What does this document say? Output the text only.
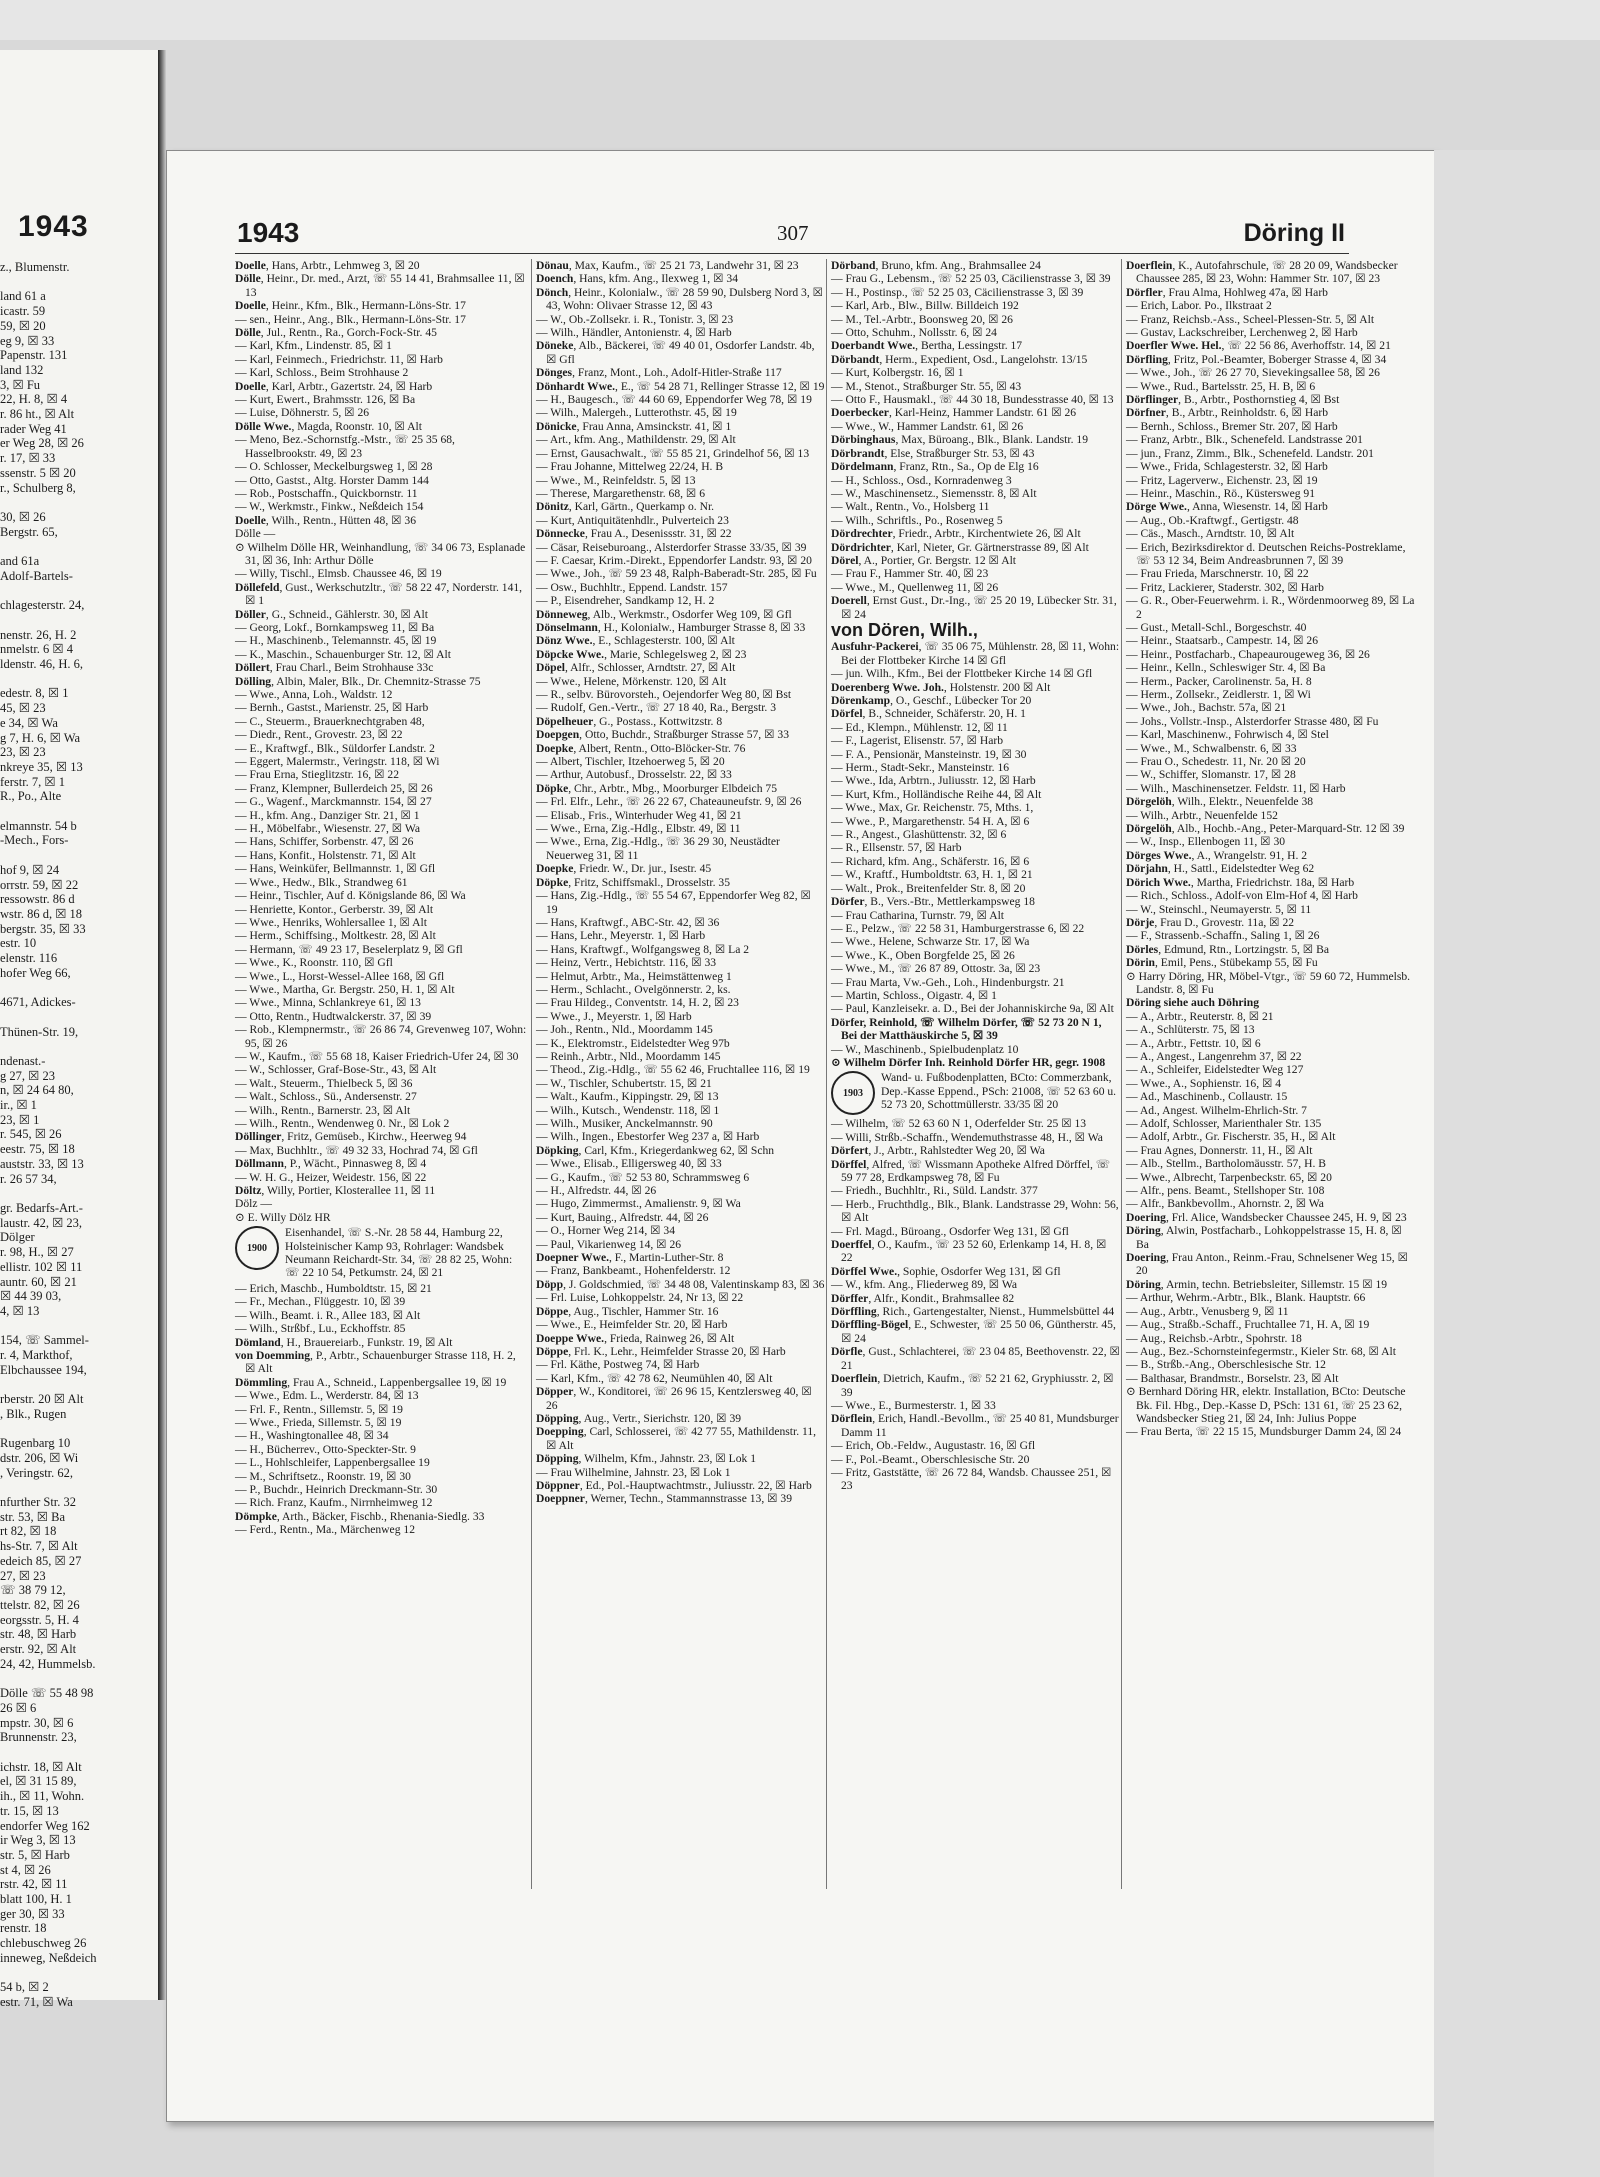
1943
z., Blumenstr.

land 61 a
icastr. 59
59, ☒ 20
eg 9, ☒ 33
Papenstr. 131
land 132
3, ☒ Fu
22, H. 8, ☒ 4
r. 86 ht., ☒ Alt
rader Weg 41
er Weg 28, ☒ 26
r. 17, ☒ 33
ssenstr. 5 ☒ 20
r., Schulberg 8,

30, ☒ 26
Bergstr. 65,

and 61a
Adolf-Bartels-

chlagesterstr. 24,

nenstr. 26, H. 2
nmelstr. 6 ☒ 4
ldenstr. 46, H. 6,

edestr. 8, ☒ 1
45, ☒ 23
e 34, ☒ Wa
g 7, H. 6, ☒ Wa
23, ☒ 23
nkreye 35, ☒ 13
ferstr. 7, ☒ 1
R., Po., Alte

elmannstr. 54 b
-Mech., Fors-

hof 9, ☒ 24
orrstr. 59, ☒ 22
ressowstr. 86 d
wstr. 86 d, ☒ 18
bergstr. 35, ☒ 33
estr. 10
elenstr. 116
hofer Weg 66,

4671, Adickes-

Thünen-Str. 19,

ndenast.-
g 27, ☒ 23
n, ☒ 24 64 80,
ir., ☒ 1
23, ☒ 1
r. 545, ☒ 26
eestr. 75, ☒ 18
auststr. 33, ☒ 13
r. 26 57 34,

gr. Bedarfs-Art.-
laustr. 42, ☒ 23,
Dölger
r. 98, H., ☒ 27
ellistr. 102 ☒ 11
auntr. 60, ☒ 21
☒ 44 39 03,
4, ☒ 13

154, ☏ Sammel-
r. 4, Markthof,
Elbchaussee 194,

rberstr. 20 ☒ Alt
, Blk., Rugen

Rugenbarg 10
dstr. 206, ☒ Wi
, Veringstr. 62,

nfurther Str. 32
str. 53, ☒ Ba
rt 82, ☒ 18
hs-Str. 7, ☒ Alt
edeich 85, ☒ 27
27, ☒ 23
☏ 38 79 12,
ttelstr. 82, ☒ 26
eorgsstr. 5, H. 4
str. 48, ☒ Harb
erstr. 92, ☒ Alt
24, 42, Hummelsb.

Dölle ☏ 55 48 98
26 ☒ 6
mpstr. 30, ☒ 6
Brunnenstr. 23,

ichstr. 18, ☒ Alt
el, ☒ 31 15 89,
ih., ☒ 11, Wohn.
tr. 15, ☒ 13
endorfer Weg 162
ir Weg 3, ☒ 13
str. 5, ☒ Harb
st 4, ☒ 26
rstr. 42, ☒ 11
blatt 100, H. 1
ger 30, ☒ 33
renstr. 18
chlebuschweg 26
inneweg, Neßdeich

54 b, ☒ 2
estr. 71, ☒ Wa
1943	307	Döring II
Doelle, Hans, Arbtr., Lehmweg 3, ☒ 20
Dölle, Heinr., Dr. med., Arzt, ☏ 55 14 41, Brahmsallee 11, ☒ 13
Doelle, Heinr., Kfm., Blk., Hermann-Löns-Str. 17
— sen., Heinr., Ang., Blk., Hermann-Löns-Str. 17
Dölle, Jul., Rentn., Ra., Gorch-Fock-Str. 45
— Karl, Kfm., Lindenstr. 85, ☒ 1
— Karl, Feinmech., Friedrichstr. 11, ☒ Harb
— Karl, Schloss., Beim Strohhause 2
Doelle, Karl, Arbtr., Gazertstr. 24, ☒ Harb
— Kurt, Ewert., Brahmsstr. 126, ☒ Ba
— Luise, Döhnerstr. 5, ☒ 26
Dölle Wwe., Magda, Roonstr. 10, ☒ Alt
— Meno, Bez.-Schornstfg.-Mstr., ☏ 25 35 68, Hasselbrookstr. 49, ☒ 23
— O. Schlosser, Meckelburgsweg 1, ☒ 28
— Otto, Gastst., Altg. Horster Damm 144
— Rob., Postschaffn., Quickbornstr. 11
— W., Werkmstr., Finkw., Neßdeich 154
Doelle, Wilh., Rentn., Hütten 48, ☒ 36
Dölle —
⊙ Wilhelm Dölle HR, Weinhandlung, ☏ 34 06 73, Esplanade 31, ☒ 36, Inh: Arthur Dölle
— Willy, Tischl., Elmsb. Chaussee 46, ☒ 19
Döllefeld, Gust., Werkschutzltr., ☏ 58 22 47, Norderstr. 141, ☒ 1
Döller, G., Schneid., Gählerstr. 30, ☒ Alt
— Georg, Lokf., Bornkampsweg 11, ☒ Ba
— H., Maschinenb., Telemannstr. 45, ☒ 19
— K., Maschin., Schauenburger Str. 12, ☒ Alt
Döllert, Frau Charl., Beim Strohhause 33c
Dölling, Albin, Maler, Blk., Dr. Chemnitz-Strasse 75
— Wwe., Anna, Loh., Waldstr. 12
— Bernh., Gastst., Marienstr. 25, ☒ Harb
— C., Steuerm., Brauerknechtgraben 48,
— Diedr., Rent., Grovestr. 23, ☒ 22
— E., Kraftwgf., Blk., Süldorfer Landstr. 2
— Eggert, Malermstr., Veringstr. 118, ☒ Wi
— Frau Erna, Stieglitzstr. 16, ☒ 22
— Franz, Klempner, Bullerdeich 25, ☒ 26
— G., Wagenf., Marckmannstr. 154, ☒ 27
— H., kfm. Ang., Danziger Str. 21, ☒ 1
— H., Möbelfabr., Wiesenstr. 27, ☒ Wa
— Hans, Schiffer, Sorbenstr. 47, ☒ 26
— Hans, Konfit., Holstenstr. 71, ☒ Alt
— Hans, Weinküfer, Bellmannstr. 1, ☒ Gfl
— Wwe., Hedw., Blk., Strandweg 61
— Heinr., Tischler, Auf d. Königslande 86, ☒ Wa
— Henriette, Kontor., Gerberstr. 39, ☒ Alt
— Wwe., Henriks, Wohlersallee 1, ☒ Alt
— Herm., Schiffsing., Moltkestr. 28, ☒ Alt
— Hermann, ☏ 49 23 17, Beselerplatz 9, ☒ Gfl
— Wwe., K., Roonstr. 110, ☒ Gfl
— Wwe., L., Horst-Wessel-Allee 168, ☒ Gfl
— Wwe., Martha, Gr. Bergstr. 250, H. 1, ☒ Alt
— Wwe., Minna, Schlankreye 61, ☒ 13
— Otto, Rentn., Hudtwalckerstr. 37, ☒ 39
— Rob., Klempnermstr., ☏ 26 86 74, Grevenweg 107, Wohn: 95, ☒ 26
— W., Kaufm., ☏ 55 68 18, Kaiser Friedrich-Ufer 24, ☒ 30
— W., Schlosser, Graf-Bose-Str., 43, ☒ Alt
— Walt., Steuerm., Thielbeck 5, ☒ 36
— Walt., Schloss., Sü., Andersenstr. 27
— Wilh., Rentn., Barnerstr. 23, ☒ Alt
— Wilh., Rentn., Wendenweg 0. Nr., ☒ Lok 2
Döllinger, Fritz, Gemüseb., Kirchw., Heerweg 94
— Max, Buchhltr., ☏ 49 32 33, Hochrad 74, ☒ Gfl
Döllmann, P., Wächt., Pinnasweg 8, ☒ 4
— W. H. G., Heizer, Weidestr. 156, ☒ 22
Döltz, Willy, Portier, Klosterallee 11, ☒ 11
Dölz —
⊙ E. Willy Dölz HR
1900
Eisenhandel, ☏ S.-Nr. 28 58 44, Hamburg 22, Holsteinischer Kamp 93, Rohrlager: Wandsbek Neumann Reichardt-Str. 34, ☏ 28 82 25, Wohn: ☏ 22 10 54, Petkumstr. 24, ☒ 21
— Erich, Maschb., Humboldtstr. 15, ☒ 21
— Fr., Mechan., Flüggestr. 10, ☒ 39
— Wilh., Beamt. i. R., Allee 183, ☒ Alt
— Wilh., Strßbf., Lu., Eckhoffstr. 85
Dömland, H., Brauereiarb., Funkstr. 19, ☒ Alt
von Doemming, P., Arbtr., Schauenburger Strasse 118, H. 2, ☒ Alt
Dömmling, Frau A., Schneid., Lappenbergsallee 19, ☒ 19
— Wwe., Edm. L., Werderstr. 84, ☒ 13
— Frl. F., Rentn., Sillemstr. 5, ☒ 19
— Wwe., Frieda, Sillemstr. 5, ☒ 19
— H., Washingtonallee 48, ☒ 34
— H., Bücherrev., Otto-Speckter-Str. 9
— L., Hohlschleifer, Lappenbergsallee 19
— M., Schriftsetz., Roonstr. 19, ☒ 30
— P., Buchdr., Heinrich Dreckmann-Str. 30
— Rich. Franz, Kaufm., Nirrnheimweg 12
Dömpke, Arth., Bäcker, Fischb., Rhenania-Siedlg. 33
— Ferd., Rentn., Ma., Märchenweg 12
Dönau, Max, Kaufm., ☏ 25 21 73, Landwehr 31, ☒ 23
Doench, Hans, kfm. Ang., Ilexweg 1, ☒ 34
Dönch, Heinr., Kolonialw., ☏ 28 59 90, Dulsberg Nord 3, ☒ 43, Wohn: Olivaer Strasse 12, ☒ 43
— W., Ob.-Zollsekr. i. R., Tonistr. 3, ☒ 23
— Wilh., Händler, Antonienstr. 4, ☒ Harb
Döneke, Alb., Bäckerei, ☏ 49 40 01, Osdorfer Landstr. 4b, ☒ Gfl
Dönges, Franz, Mont., Loh., Adolf-Hitler-Straße 117
Dönhardt Wwe., E., ☏ 54 28 71, Rellinger Strasse 12, ☒ 19
— H., Baugesch., ☏ 44 60 69, Eppendorfer Weg 78, ☒ 19
— Wilh., Malergeh., Lutterothstr. 45, ☒ 19
Dönicke, Frau Anna, Amsinckstr. 41, ☒ 1
— Art., kfm. Ang., Mathildenstr. 29, ☒ Alt
— Ernst, Gausachwalt., ☏ 55 85 21, Grindelhof 56, ☒ 13
— Frau Johanne, Mittelweg 22/24, H. B
— Wwe., M., Reinfeldstr. 5, ☒ 13
— Therese, Margarethenstr. 68, ☒ 6
Dönitz, Karl, Gärtn., Querkamp o. Nr.
— Kurt, Antiquitätenhdlr., Pulverteich 23
Dönnecke, Frau A., Desenissstr. 31, ☒ 22
— Cäsar, Reiseburoang., Alsterdorfer Strasse 33/35, ☒ 39
— F. Caesar, Krim.-Direkt., Eppendorfer Landstr. 93, ☒ 20
— Wwe., Joh., ☏ 59 23 48, Ralph-Baberadt-Str. 285, ☒ Fu
— Osw., Buchhltr., Eppend. Landstr. 157
— P., Eisendreher, Sandkamp 12, H. 2
Dönneweg, Alb., Werkmstr., Osdorfer Weg 109, ☒ Gfl
Dönselmann, H., Kolonialw., Hamburger Strasse 8, ☒ 33
Dönz Wwe., E., Schlagesterstr. 100, ☒ Alt
Döpcke Wwe., Marie, Schlegelsweg 2, ☒ 23
Döpel, Alfr., Schlosser, Arndtstr. 27, ☒ Alt
— Wwe., Helene, Mörkenstr. 120, ☒ Alt
— R., selbv. Bürovorsteh., Oejendorfer Weg 80, ☒ Bst
— Rudolf, Gen.-Vertr., ☏ 27 18 40, Ra., Bergstr. 3
Döpelheuer, G., Postass., Kottwitzstr. 8
Doepgen, Otto, Buchdr., Straßburger Strasse 57, ☒ 33
Doepke, Albert, Rentn., Otto-Blöcker-Str. 76
— Albert, Tischler, Itzehoerweg 5, ☒ 20
— Arthur, Autobusf., Drosselstr. 22, ☒ 33
Döpke, Chr., Arbtr., Mbg., Moorburger Elbdeich 75
— Frl. Elfr., Lehr., ☏ 26 22 67, Chateauneufstr. 9, ☒ 26
— Elisab., Fris., Winterhuder Weg 41, ☒ 21
— Wwe., Erna, Zig.-Hdlg., Elbstr. 49, ☒ 11
— Wwe., Erna, Zig.-Hdlg., ☏ 36 29 30, Neustädter Neuerweg 31, ☒ 11
Doepke, Friedr. W., Dr. jur., Isestr. 45
Döpke, Fritz, Schiffsmakl., Drosselstr. 35
— Hans, Zig.-Hdlg., ☏ 55 54 67, Eppendorfer Weg 82, ☒ 19
— Hans, Kraftwgf., ABC-Str. 42, ☒ 36
— Hans, Lehr., Meyerstr. 1, ☒ Harb
— Hans, Kraftwgf., Wolfgangsweg 8, ☒ La 2
— Heinz, Vertr., Hebichtstr. 116, ☒ 33
— Helmut, Arbtr., Ma., Heimstättenweg 1
— Herm., Schlacht., Ovelgönnerstr. 2, ks.
— Frau Hildeg., Conventstr. 14, H. 2, ☒ 23
— Wwe., J., Meyerstr. 1, ☒ Harb
— Joh., Rentn., Nld., Moordamm 145
— K., Elektromstr., Eidelstedter Weg 97b
— Reinh., Arbtr., Nld., Moordamm 145
— Theod., Zig.-Hdlg., ☏ 55 62 46, Fruchtallee 116, ☒ 19
— W., Tischler, Schubertstr. 15, ☒ 21
— Walt., Kaufm., Kippingstr. 29, ☒ 13
— Wilh., Kutsch., Wendenstr. 118, ☒ 1
— Wilh., Musiker, Anckelmannstr. 90
— Wilh., Ingen., Ebestorfer Weg 237 a, ☒ Harb
Döpking, Carl, Kfm., Kriegerdankweg 62, ☒ Schn
— Wwe., Elisab., Elligersweg 40, ☒ 33
— G., Kaufm., ☏ 52 53 80, Schrammsweg 6
— H., Alfredstr. 44, ☒ 26
— Hugo, Zimmermst., Amalienstr. 9, ☒ Wa
— Kurt, Bauing., Alfredstr. 44, ☒ 26
— O., Horner Weg 214, ☒ 34
— Paul, Vikarienweg 14, ☒ 26
Doepner Wwe., F., Martin-Luther-Str. 8
— Franz, Bankbeamt., Hohenfelderstr. 12
Döpp, J. Goldschmied, ☏ 34 48 08, Valentinskamp 83, ☒ 36
— Frl. Luise, Lohkoppelstr. 24, Nr 13, ☒ 22
Döppe, Aug., Tischler, Hammer Str. 16
— Wwe., E., Heimfelder Str. 20, ☒ Harb
Doeppe Wwe., Frieda, Rainweg 26, ☒ Alt
Döppe, Frl. K., Lehr., Heimfelder Strasse 20, ☒ Harb
— Frl. Käthe, Postweg 74, ☒ Harb
— Karl, Kfm., ☏ 42 78 62, Neumühlen 40, ☒ Alt
Döpper, W., Konditorei, ☏ 26 96 15, Kentzlersweg 40, ☒ 26
Döpping, Aug., Vertr., Sierichstr. 120, ☒ 39
Doepping, Carl, Schlosserei, ☏ 42 77 55, Mathildenstr. 11, ☒ Alt
Döpping, Wilhelm, Kfm., Jahnstr. 23, ☒ Lok 1
— Frau Wilhelmine, Jahnstr. 23, ☒ Lok 1
Döppner, Ed., Pol.-Hauptwachtmstr., Juliusstr. 22, ☒ Harb
Doeppner, Werner, Techn., Stammannstrasse 13, ☒ 39
Dörband, Bruno, kfm. Ang., Brahmsallee 24
— Frau G., Lebensm., ☏ 52 25 03, Cäcilienstrasse 3, ☒ 39
— H., Postinsp., ☏ 52 25 03, Cäcilienstrasse 3, ☒ 39
— Karl, Arb., Blw., Billw. Billdeich 192
— M., Tel.-Arbtr., Boonsweg 20, ☒ 26
— Otto, Schuhm., Nollsstr. 6, ☒ 24
Doerbandt Wwe., Bertha, Lessingstr. 17
Dörbandt, Herm., Expedient, Osd., Langelohstr. 13/15
— Kurt, Kolbergstr. 16, ☒ 1
— M., Stenot., Straßburger Str. 55, ☒ 43
— Otto F., Hausmakl., ☏ 44 30 18, Bundesstrasse 40, ☒ 13
Doerbecker, Karl-Heinz, Hammer Landstr. 61 ☒ 26
— Wwe., W., Hammer Landstr. 61, ☒ 26
Dörbinghaus, Max, Büroang., Blk., Blank. Landstr. 19
Dörbrandt, Else, Straßburger Str. 53, ☒ 43
Dördelmann, Franz, Rtn., Sa., Op de Elg 16
— H., Schloss., Osd., Kornradenweg 3
— W., Maschinensetz., Siemensstr. 8, ☒ Alt
— Walt., Rentn., Vo., Holsberg 11
— Wilh., Schriftls., Po., Rosenweg 5
Dördrechter, Friedr., Arbtr., Kirchentwiete 26, ☒ Alt
Dördrichter, Karl, Nieter, Gr. Gärtnerstrasse 89, ☒ Alt
Dörel, A., Portier, Gr. Bergstr. 12 ☒ Alt
— Frau F., Hammer Str. 40, ☒ 23
— Wwe., M., Quellenweg 11, ☒ 26
Doerell, Ernst Gust., Dr.-Ing., ☏ 25 20 19, Lübecker Str. 31, ☒ 24
von Dören, Wilh.,
Ausfuhr-Packerei, ☏ 35 06 75, Mühlenstr. 28, ☒ 11, Wohn: Bei der Flottbeker Kirche 14 ☒ Gfl
— jun. Wilh., Kfm., Bei der Flottbeker Kirche 14 ☒ Gfl
Doerenberg Wwe. Joh., Holstenstr. 200 ☒ Alt
Dörenkamp, O., Geschf., Lübecker Tor 20
Dörfel, B., Schneider, Schäferstr. 20, H. 1
— Ed., Klempn., Mühlenstr. 12, ☒ 11
— F., Lagerist, Elisenstr. 57, ☒ Harb
— F. A., Pensionär, Mansteinstr. 19, ☒ 30
— Herm., Stadt-Sekr., Mansteinstr. 16
— Wwe., Ida, Arbtrn., Juliusstr. 12, ☒ Harb
— Kurt, Kfm., Holländische Reihe 44, ☒ Alt
— Wwe., Max, Gr. Reichenstr. 75, Mths. 1,
— Wwe., P., Margarethenstr. 54 H. A, ☒ 6
— R., Angest., Glashüttenstr. 32, ☒ 6
— R., Ellsenstr. 57, ☒ Harb
— Richard, kfm. Ang., Schäferstr. 16, ☒ 6
— W., Kraftf., Humboldtstr. 63, H. 1, ☒ 21
— Walt., Prok., Breitenfelder Str. 8, ☒ 20
Dörfer, B., Vers.-Btr., Mettlerkampsweg 18
— Frau Catharina, Turnstr. 79, ☒ Alt
— E., Pelzw., ☏ 22 58 31, Hamburgerstrasse 6, ☒ 22
— Wwe., Helene, Schwarze Str. 17, ☒ Wa
— Wwe., K., Oben Borgfelde 25, ☒ 26
— Wwe., M., ☏ 26 87 89, Ottostr. 3a, ☒ 23
— Frau Marta, Vw.-Geh., Loh., Hindenburgstr. 21
— Martin, Schloss., Oigastr. 4, ☒ 1
— Paul, Kanzleisekr. a. D., Bei der Johanniskirche 9a, ☒ Alt
Dörfer, Reinhold, ☏ Wilhelm Dörfer, ☏ 52 73 20 N 1, Bei der Matthäuskirche 5, ☒ 39
— W., Maschinenb., Spielbudenplatz 10
⊙ Wilhelm Dörfer Inh. Reinhold Dörfer HR, gegr. 1908
1903
Wand- u. Fußbodenplatten, BCto: Commerzbank, Dep.-Kasse Eppend., PSch: 21008, ☏ 52 63 60 u. 52 73 20, Schottmüllerstr. 33/35 ☒ 20
— Wilhelm, ☏ 52 63 60 N 1, Oderfelder Str. 25 ☒ 13
— Willi, Strßb.-Schaffn., Wendemuthstrasse 48, H., ☒ Wa
Dörfert, J., Arbtr., Rahlstedter Weg 20, ☒ Wa
Dörffel, Alfred, ☏ Wissmann Apotheke Alfred Dörffel, ☏ 59 77 28, Erdkampsweg 78, ☒ Fu
— Friedh., Buchhltr., Ri., Süld. Landstr. 377
— Herb., Fruchthdlg., Blk., Blank. Landstrasse 29, Wohn: 56, ☒ Alt
— Frl. Magd., Büroang., Osdorfer Weg 131, ☒ Gfl
Doerffel, O., Kaufm., ☏ 23 52 60, Erlenkamp 14, H. 8, ☒ 22
Dörffel Wwe., Sophie, Osdorfer Weg 131, ☒ Gfl
— W., kfm. Ang., Fliederweg 89, ☒ Wa
Dörffer, Alfr., Kondit., Brahmsallee 82
Dörffling, Rich., Gartengestalter, Nienst., Hummelsbüttel 44
Dörffling-Bögel, E., Schwester, ☏ 25 50 06, Güntherstr. 45, ☒ 24
Dörfle, Gust., Schlachterei, ☏ 23 04 85, Beethovenstr. 22, ☒ 21
Doerflein, Dietrich, Kaufm., ☏ 52 21 62, Gryphiusstr. 2, ☒ 39
— Wwe., E., Burmesterstr. 1, ☒ 33
Dörflein, Erich, Handl.-Bevollm., ☏ 25 40 81, Mundsburger Damm 11
— Erich, Ob.-Feldw., Augustastr. 16, ☒ Gfl
— F., Pol.-Beamt., Oberschlesische Str. 20
— Fritz, Gaststätte, ☏ 26 72 84, Wandsb. Chaussee 251, ☒ 23
Doerflein, K., Autofahrschule, ☏ 28 20 09, Wandsbecker Chaussee 285, ☒ 23, Wohn: Hammer Str. 107, ☒ 23
Dörfler, Frau Alma, Hohlweg 47a, ☒ Harb
— Erich, Labor. Po., Ilkstraat 2
— Franz, Reichsb.-Ass., Scheel-Plessen-Str. 5, ☒ Alt
— Gustav, Lackschreiber, Lerchenweg 2, ☒ Harb
Doerfler Wwe. Hel., ☏ 22 56 86, Averhoffstr. 14, ☒ 21
Dörfling, Fritz, Pol.-Beamter, Boberger Strasse 4, ☒ 34
— Wwe., Joh., ☏ 26 27 70, Sievekingsallee 58, ☒ 26
— Wwe., Rud., Bartelsstr. 25, H. B, ☒ 6
Dörflinger, B., Arbtr., Posthornstieg 4, ☒ Bst
Dörfner, B., Arbtr., Reinholdstr. 6, ☒ Harb
— Bernh., Schloss., Bremer Str. 207, ☒ Harb
— Franz, Arbtr., Blk., Schenefeld. Landstrasse 201
— jun., Franz, Zimm., Blk., Schenefeld. Landstr. 201
— Wwe., Frida, Schlagesterstr. 32, ☒ Harb
— Fritz, Lagerverw., Eichenstr. 23, ☒ 19
— Heinr., Maschin., Rö., Küstersweg 91
Dörge Wwe., Anna, Wiesenstr. 14, ☒ Harb
— Aug., Ob.-Kraftwgf., Gertigstr. 48
— Cäs., Masch., Arndtstr. 10, ☒ Alt
— Erich, Bezirksdirektor d. Deutschen Reichs-Postreklame, ☏ 53 12 34, Beim Andreasbrunnen 7, ☒ 39
— Frau Frieda, Marschnerstr. 10, ☒ 22
— Fritz, Lackierer, Staderstr. 302, ☒ Harb
— G. R., Ober-Feuerwehrm. i. R., Wördenmoorweg 89, ☒ La 2
— Gust., Metall-Schl., Borgeschstr. 40
— Heinr., Staatsarb., Campestr. 14, ☒ 26
— Heinr., Postfacharb., Chapeaurougeweg 36, ☒ 26
— Heinr., Kelln., Schleswiger Str. 4, ☒ Ba
— Herm., Packer, Carolinenstr. 5a, H. 8
— Herm., Zollsekr., Zeidlerstr. 1, ☒ Wi
— Wwe., Joh., Bachstr. 57a, ☒ 21
— Johs., Vollstr.-Insp., Alsterdorfer Strasse 480, ☒ Fu
— Karl, Maschinenw., Fohrwisch 4, ☒ Stel
— Wwe., M., Schwalbenstr. 6, ☒ 33
— Frau O., Schedestr. 11, Nr. 20 ☒ 20
— W., Schiffer, Slomanstr. 17, ☒ 28
— Wilh., Maschinensetzer. Feldstr. 11, ☒ Harb
Dörgelöh, Wilh., Elektr., Neuenfelde 38
— Wilh., Arbtr., Neuenfelde 152
Dörgelöh, Alb., Hochb.-Ang., Peter-Marquard-Str. 12 ☒ 39
— W., Insp., Ellenbogen 11, ☒ 30
Dörges Wwe., A., Wrangelstr. 91, H. 2
Dörjahn, H., Sattl., Eidelstedter Weg 62
Dörich Wwe., Martha, Friedrichstr. 18a, ☒ Harb
— Rich., Schloss., Adolf-von Elm-Hof 4, ☒ Harb
— W., Steinschl., Neumayerstr. 5, ☒ 11
Dörje, Frau D., Grovestr. 11a, ☒ 22
— F., Strassenb.-Schaffn., Saling 1, ☒ 26
Dörles, Edmund, Rtn., Lortzingstr. 5, ☒ Ba
Dörin, Emil, Pens., Stübekamp 55, ☒ Fu
⊙ Harry Döring, HR, Möbel-Vtgr., ☏ 59 60 72, Hummelsb. Landstr. 8, ☒ Fu
Döring siehe auch Döhring
— A., Arbtr., Reuterstr. 8, ☒ 21
— A., Schlüterstr. 75, ☒ 13
— A., Arbtr., Fettstr. 10, ☒ 6
— A., Angest., Langenrehm 37, ☒ 22
— A., Schleifer, Eidelstedter Weg 127
— Wwe., A., Sophienstr. 16, ☒ 4
— Ad., Maschinenb., Collaustr. 15
— Ad., Angest. Wilhelm-Ehrlich-Str. 7
— Adolf, Schlosser, Marienthaler Str. 135
— Adolf, Arbtr., Gr. Fischerstr. 35, H., ☒ Alt
— Frau Agnes, Donnerstr. 11, H., ☒ Alt
— Alb., Stellm., Bartholomäusstr. 57, H. B
— Wwe., Albrecht, Tarpenbeckstr. 65, ☒ 20
— Alfr., pens. Beamt., Stellshoper Str. 108
— Alfr., Bankbevollm., Ahornstr. 2, ☒ Wa
Doering, Frl. Alice, Wandsbecker Chaussee 245, H. 9, ☒ 23
Döring, Alwin, Postfacharb., Lohkoppelstrasse 15, H. 8, ☒ Ba
Doering, Frau Anton., Reinm.-Frau, Schnelsener Weg 15, ☒ 20
Döring, Armin, techn. Betriebsleiter, Sillemstr. 15 ☒ 19
— Arthur, Wehrm.-Arbtr., Blk., Blank. Hauptstr. 66
— Aug., Arbtr., Venusberg 9, ☒ 11
— Aug., Straßb.-Schaff., Fruchtallee 71, H. A, ☒ 19
— Aug., Reichsb.-Arbtr., Spohrstr. 18
— Aug., Bez.-Schornsteinfegermstr., Kieler Str. 68, ☒ Alt
— B., Strßb.-Ang., Oberschlesische Str. 12
— Balthasar, Brandmstr., Borselstr. 23, ☒ Alt
⊙ Bernhard Döring HR, elektr. Installation, BCto: Deutsche Bk. Fil. Hbg., Dep.-Kasse D, PSch: 131 61, ☏ 25 23 62, Wandsbecker Stieg 21, ☒ 24, Inh: Julius Poppe
— Frau Berta, ☏ 22 15 15, Mundsburger Damm 24, ☒ 24
